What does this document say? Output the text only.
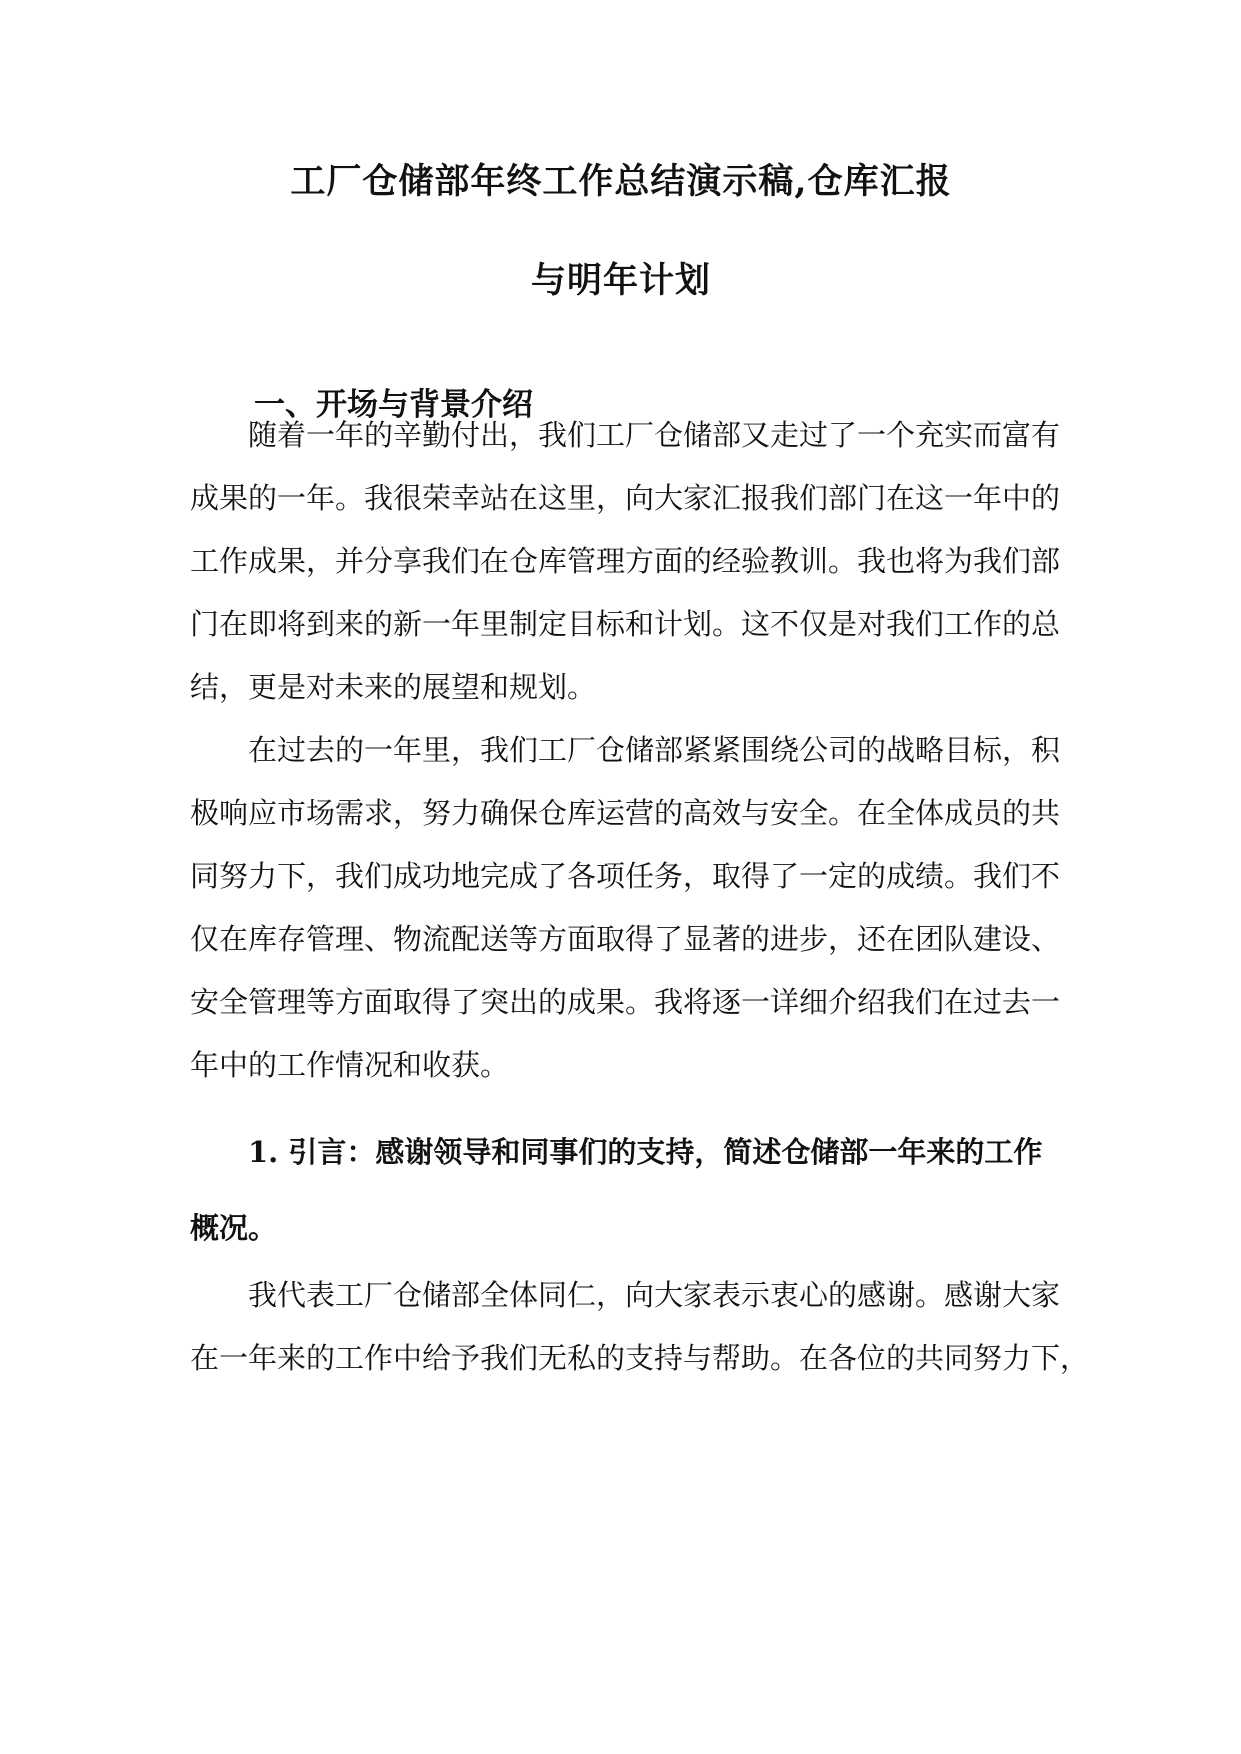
工厂仓储部年终工作总结演示稿,仓库汇报
与明年计划
一、开场与背景介绍

随着一年的辛勤付出，我们工厂仓储部又走过了一个充实而富有

成果的一年。我很荣幸站在这里，向大家汇报我们部门在这一年中的

工作成果，并分享我们在仓库管理方面的经验教训。我也将为我们部

门在即将到来的新一年里制定目标和计划。这不仅是对我们工作的总

结，更是对未来的展望和规划。

在过去的一年里，我们工厂仓储部紧紧围绕公司的战略目标，积

极响应市场需求，努力确保仓库运营的高效与安全。在全体成员的共

同努力下，我们成功地完成了各项任务，取得了一定的成绩。我们不

仅在库存管理、物流配送等方面取得了显著的进步，还在团队建设、

安全管理等方面取得了突出的成果。我将逐一详细介绍我们在过去一

年中的工作情况和收获。

1. 引言：感谢领导和同事们的支持，简述仓储部一年来的工作

概况。

我代表工厂仓储部全体同仁，向大家表示衷心的感谢。感谢大家

在一年来的工作中给予我们无私的支持与帮助。在各位的共同努力下，
